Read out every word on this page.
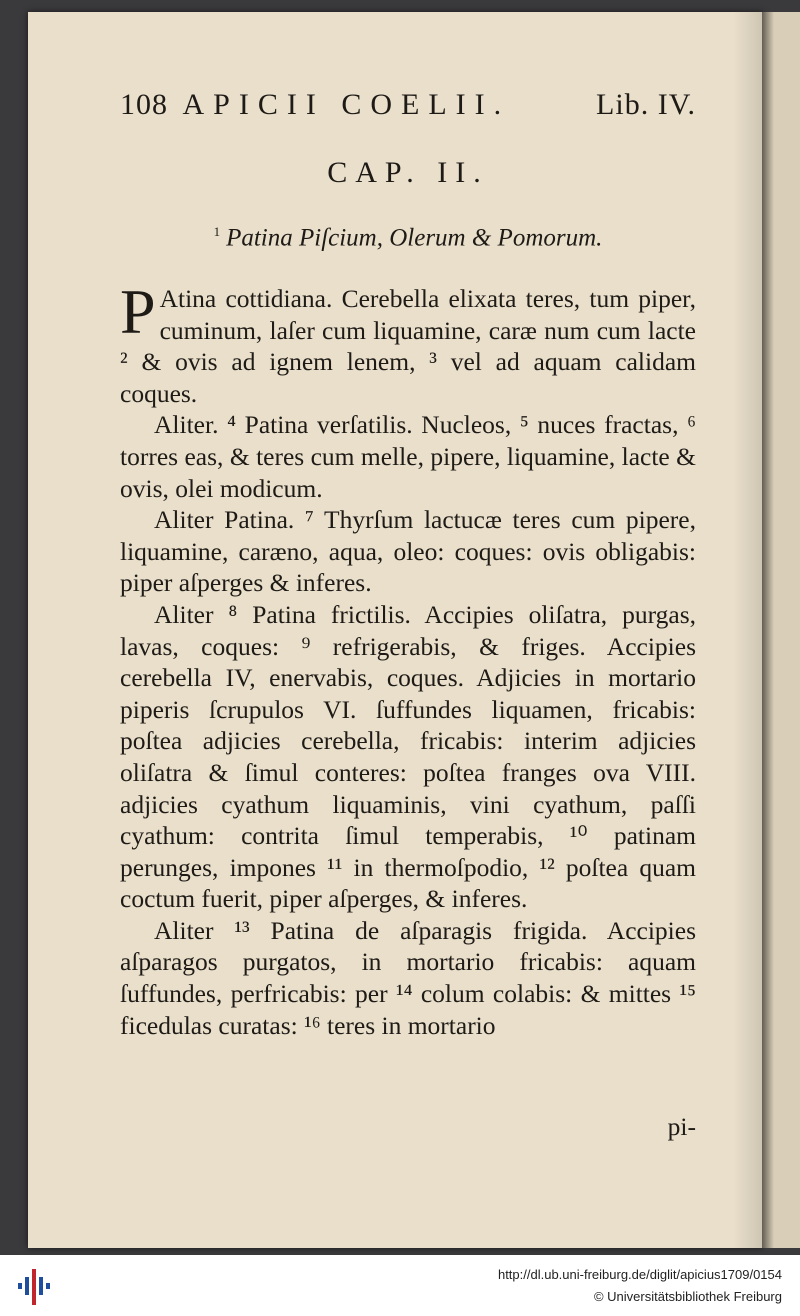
108 APICII COELII.	Lib. IV.
CAP. II.
$^1$ Patina Piſcium, Olerum & Pomorum.

P Atina cottidiana. Cerebella elixata teres, tum piper, cuminum, laſer cum liquamine, caræ num cum lacte ² & ovis ad ignem lenem, ³ vel ad aquam calidam coques.

Aliter. ⁴ Patina verſatilis. Nucleos, ⁵ nuces fractas, ⁶ torres eas, & teres cum melle, pipere, liquamine, lacte & ovis, olei modicum.

Aliter Patina. ⁷ Thyrſum lactucæ teres cum pipere, liquamine, caræno, aqua, oleo: coques: ovis obligabis: piper aſperges & inferes.

Aliter ⁸ Patina frictilis. Accipies oliſatra, purgas, lavas, coques: ⁹ refrigerabis, & friges. Accipies cerebella IV, enervabis, coques. Adjicies in mortario piperis ſcrupulos VI. ſuffundes liquamen, fricabis: poſtea adjicies cerebella, fricabis: interim adjicies oliſatra & ſimul conteres: poſtea franges ova VIII. adjicies cyathum liquaminis, vini cyathum, paſſi cyathum: contrita ſimul temperabis, ¹⁰ patinam perunges, impones ¹¹ in thermoſpodio, ¹² poſtea quam coctum fuerit, piper aſperges, & inferes.

Aliter ¹³ Patina de aſparagis frigida. Accipies aſparagos purgatos, in mortario fricabis: aquam ſuffundes, perfricabis: per ¹⁴ colum colabis: & mittes ¹⁵ ficedulas curatas: ¹⁶ teres in mortario

pi-
http://dl.ub.uni-freiburg.de/diglit/apicius1709/0154
© Universitätsbibliothek Freiburg
